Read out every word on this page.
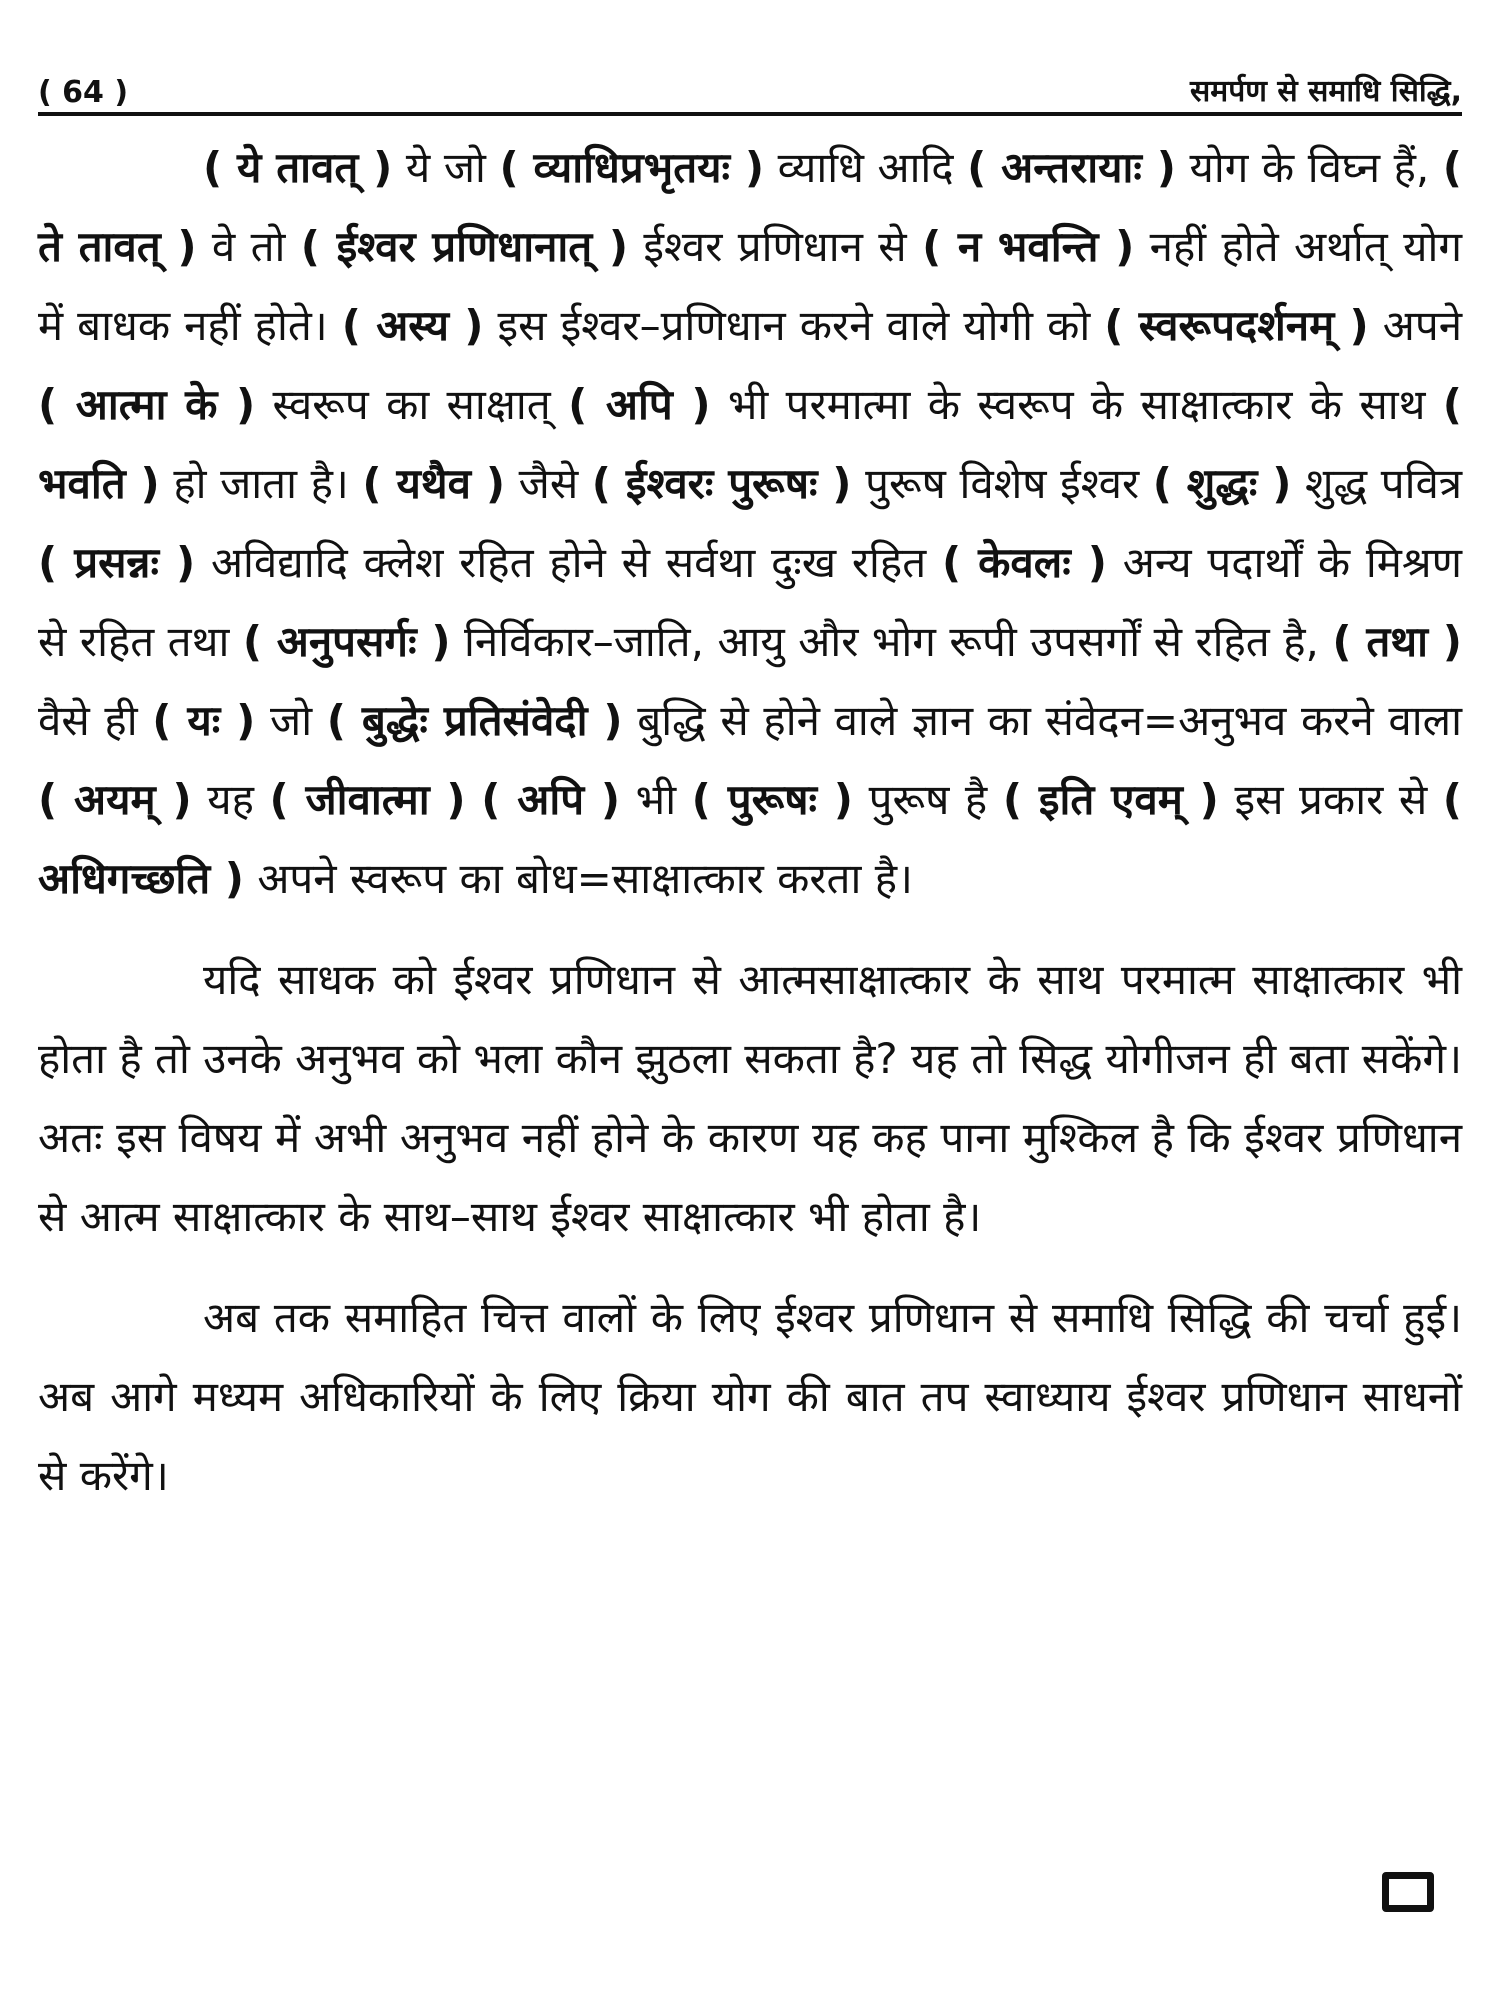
( 64 )	समर्पण से समाधि सिद्धि,

( ये तावत् ) ये जो ( व्याधिप्रभृतयः ) व्याधि आदि ( अन्तरायाः ) योग के विघ्न हैं, ( ते तावत् ) वे तो ( ईश्वर प्रणिधानात् ) ईश्वर प्रणिधान से ( न भवन्ति ) नहीं होते अर्थात् योग में बाधक नहीं होते। ( अस्य ) इस ईश्वर–प्रणिधान करने वाले योगी को ( स्वरूपदर्शनम् ) अपने ( आत्मा के ) स्वरूप का साक्षात् ( अपि ) भी परमात्मा के स्वरूप के साक्षात्कार के साथ ( भवति ) हो जाता है। ( यथैव ) जैसे ( ईश्वरः पुरूषः ) पुरूष विशेष ईश्वर ( शुद्धः ) शुद्ध पवित्र ( प्रसन्नः ) अविद्यादि क्लेश रहित होने से सर्वथा दुःख रहित ( केवलः ) अन्य पदार्थों के मिश्रण से रहित तथा ( अनुपसर्गः ) निर्विकार–जाति, आयु और भोग रूपी उपसर्गों से रहित है, ( तथा ) वैसे ही ( यः ) जो ( बुद्धेः प्रतिसंवेदी ) बुद्धि से होने वाले ज्ञान का संवेदन=अनुभव करने वाला ( अयम् ) यह ( जीवात्मा ) ( अपि ) भी ( पुरूषः ) पुरूष है ( इति एवम् ) इस प्रकार से ( अधिगच्छति ) अपने स्वरूप का बोध=साक्षात्कार करता है।

यदि साधक को ईश्वर प्रणिधान से आत्मसाक्षात्कार के साथ परमात्म साक्षात्कार भी होता है तो उनके अनुभव को भला कौन झुठला सकता है? यह तो सिद्ध योगीजन ही बता सकेंगे। अतः इस विषय में अभी अनुभव नहीं होने के कारण यह कह पाना मुश्किल है कि ईश्वर प्रणिधान से आत्म साक्षात्कार के साथ–साथ ईश्वर साक्षात्कार भी होता है।

अब तक समाहित चित्त वालों के लिए ईश्वर प्रणिधान से समाधि सिद्धि की चर्चा हुई। अब आगे मध्यम अधिकारियों के लिए क्रिया योग की बात तप स्वाध्याय ईश्वर प्रणिधान साधनों से करेंगे।
